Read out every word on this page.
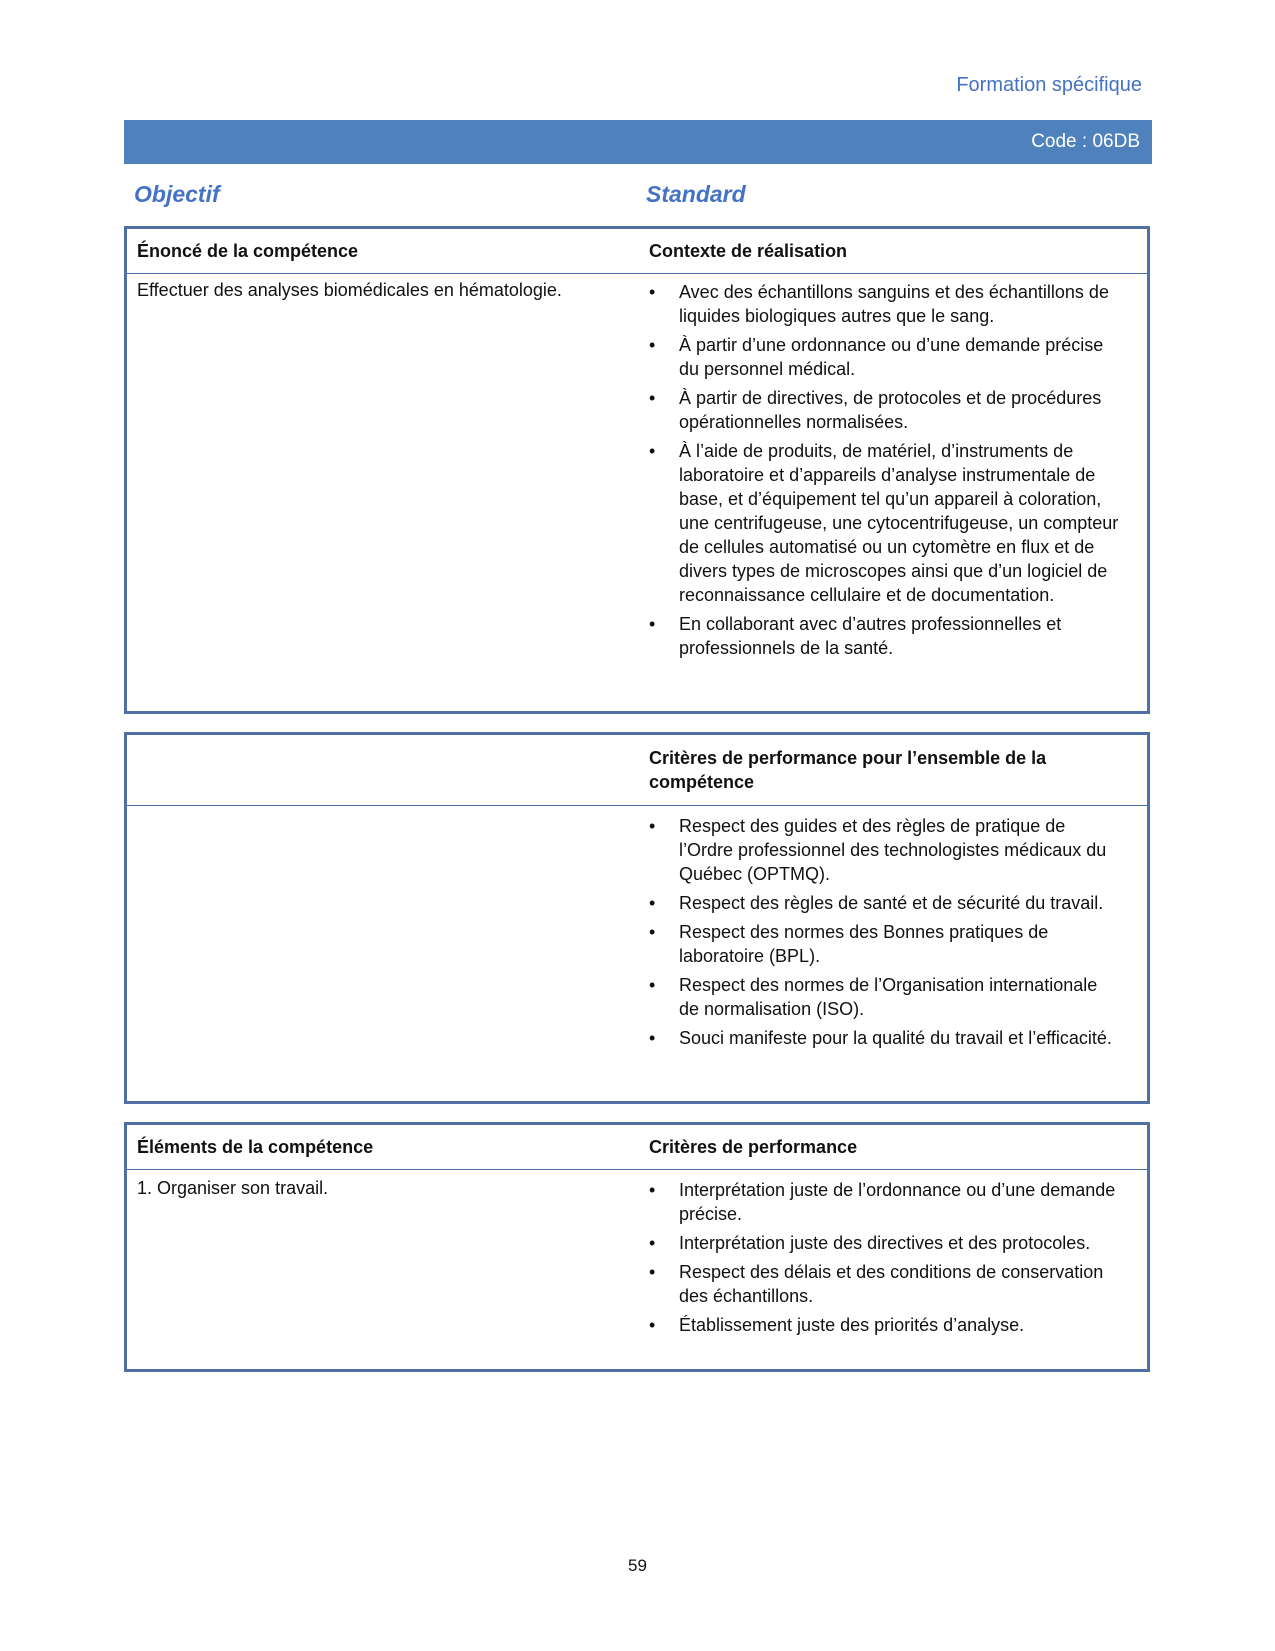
Formation spécifique
Code : 06DB
Objectif	Standard
Énoncé de la compétence	Contexte de réalisation
Effectuer des analyses biomédicales en hématologie.	• Avec des échantillons sanguins et des échantillons de liquides biologiques autres que le sang.
• À partir d’une ordonnance ou d’une demande précise du personnel médical.
• À partir de directives, de protocoles et de procédures opérationnelles normalisées.
• À l’aide de produits, de matériel, d’instruments de laboratoire et d’appareils d’analyse instrumentale de base, et d’équipement tel qu’un appareil à coloration, une centrifugeuse, une cytocentrifugeuse, un compteur de cellules automatisé ou un cytomètre en flux et de divers types de microscopes ainsi que d’un logiciel de reconnaissance cellulaire et de documentation.
• En collaborant avec d’autres professionnelles et professionnels de la santé.
Critères de performance pour l’ensemble de la compétence
• Respect des guides et des règles de pratique de l’Ordre professionnel des technologistes médicaux du Québec (OPTMQ).
• Respect des règles de santé et de sécurité du travail.
• Respect des normes des Bonnes pratiques de laboratoire (BPL).
• Respect des normes de l’Organisation internationale de normalisation (ISO).
• Souci manifeste pour la qualité du travail et l’efficacité.
Éléments de la compétence	Critères de performance
1. Organiser son travail.	• Interprétation juste de l’ordonnance ou d’une demande précise.
• Interprétation juste des directives et des protocoles.
• Respect des délais et des conditions de conservation des échantillons.
• Établissement juste des priorités d’analyse.
59
